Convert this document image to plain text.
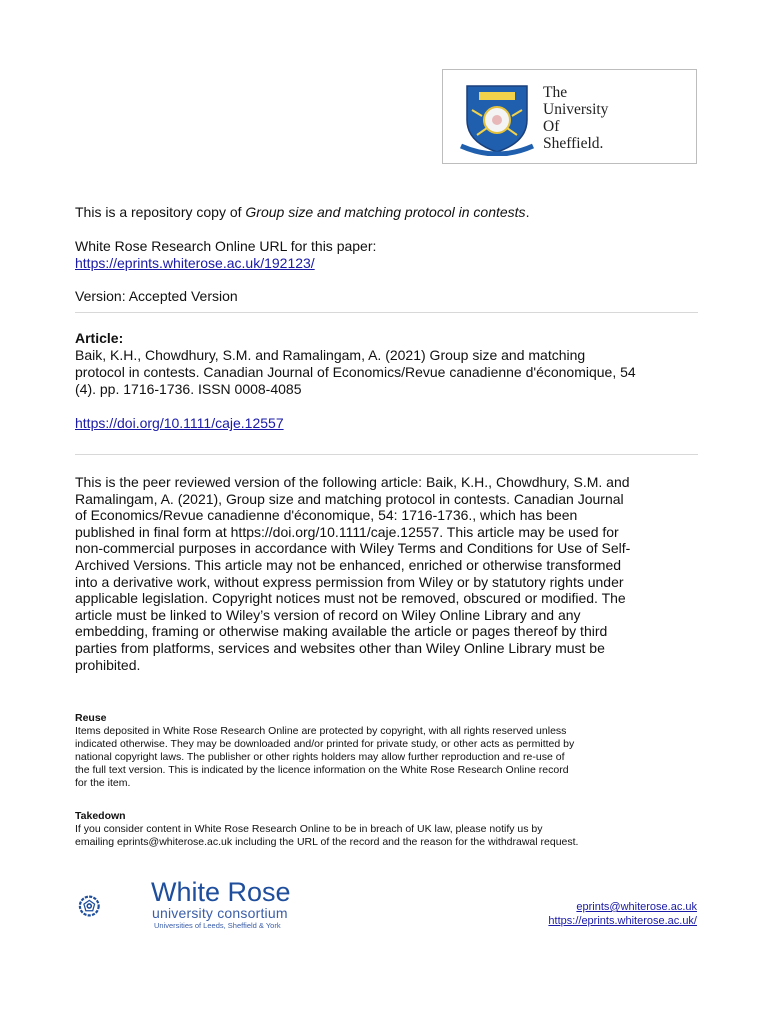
The
University
Of
Sheffield.
This is a repository copy of Group size and matching protocol in contests.
White Rose Research Online URL for this paper:
https://eprints.whiterose.ac.uk/192123/
Version: Accepted Version
Article:
Baik, K.H., Chowdhury, S.M. and Ramalingam, A. (2021) Group size and matching
protocol in contests. Canadian Journal of Economics/Revue canadienne d'économique, 54
(4). pp. 1716-1736. ISSN 0008-4085
https://doi.org/10.1111/caje.12557
This is the peer reviewed version of the following article: Baik, K.H., Chowdhury, S.M. and
Ramalingam, A. (2021), Group size and matching protocol in contests. Canadian Journal
of Economics/Revue canadienne d'économique, 54: 1716-1736., which has been
published in final form at https://doi.org/10.1111/caje.12557. This article may be used for
non-commercial purposes in accordance with Wiley Terms and Conditions for Use of Self-
Archived Versions. This article may not be enhanced, enriched or otherwise transformed
into a derivative work, without express permission from Wiley or by statutory rights under
applicable legislation. Copyright notices must not be removed, obscured or modified. The
article must be linked to Wiley’s version of record on Wiley Online Library and any
embedding, framing or otherwise making available the article or pages thereof by third
parties from platforms, services and websites other than Wiley Online Library must be
prohibited.
Reuse
Items deposited in White Rose Research Online are protected by copyright, with all rights reserved unless
indicated otherwise. They may be downloaded and/or printed for private study, or other acts as permitted by
national copyright laws. The publisher or other rights holders may allow further reproduction and re-use of
the full text version. This is indicated by the licence information on the White Rose Research Online record
for the item.
Takedown
If you consider content in White Rose Research Online to be in breach of UK law, please notify us by
emailing eprints@whiterose.ac.uk including the URL of the record and the reason for the withdrawal request.
White Rose
university consortium
Universities of Leeds, Sheffield & York
eprints@whiterose.ac.uk
https://eprints.whiterose.ac.uk/
